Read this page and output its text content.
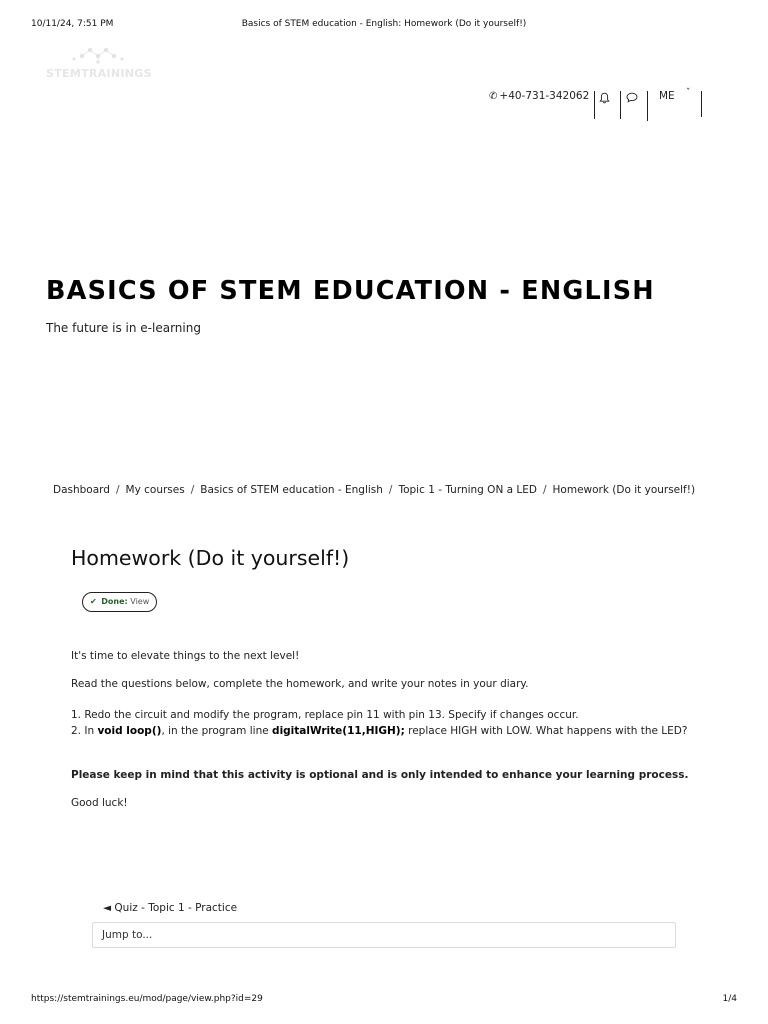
10/11/24, 7:51 PM	Basics of STEM education - English: Homework (Do it yourself!)
STEMTRAININGS
✆ +40-731-342062	ME ˇ
BASICS OF STEM EDUCATION - ENGLISH
The future is in e-learning
Dashboard / My courses / Basics of STEM education - English / Topic 1 - Turning ON a LED / Homework (Do it yourself!)
Homework (Do it yourself!)
✔ Done: View
It's time to elevate things to the next level!
Read the questions below, complete the homework, and write your notes in your diary.
1. Redo the circuit and modify the program, replace pin 11 with pin 13. Specify if changes occur.
2. In void loop(), in the program line digitalWrite(11,HIGH); replace HIGH with LOW. What happens with the LED?
Please keep in mind that this activity is optional and is only intended to enhance your learning process.
Good luck!
◄ Quiz - Topic 1 - Practice
Jump to...
https://stemtrainings.eu/mod/page/view.php?id=29	1/4
